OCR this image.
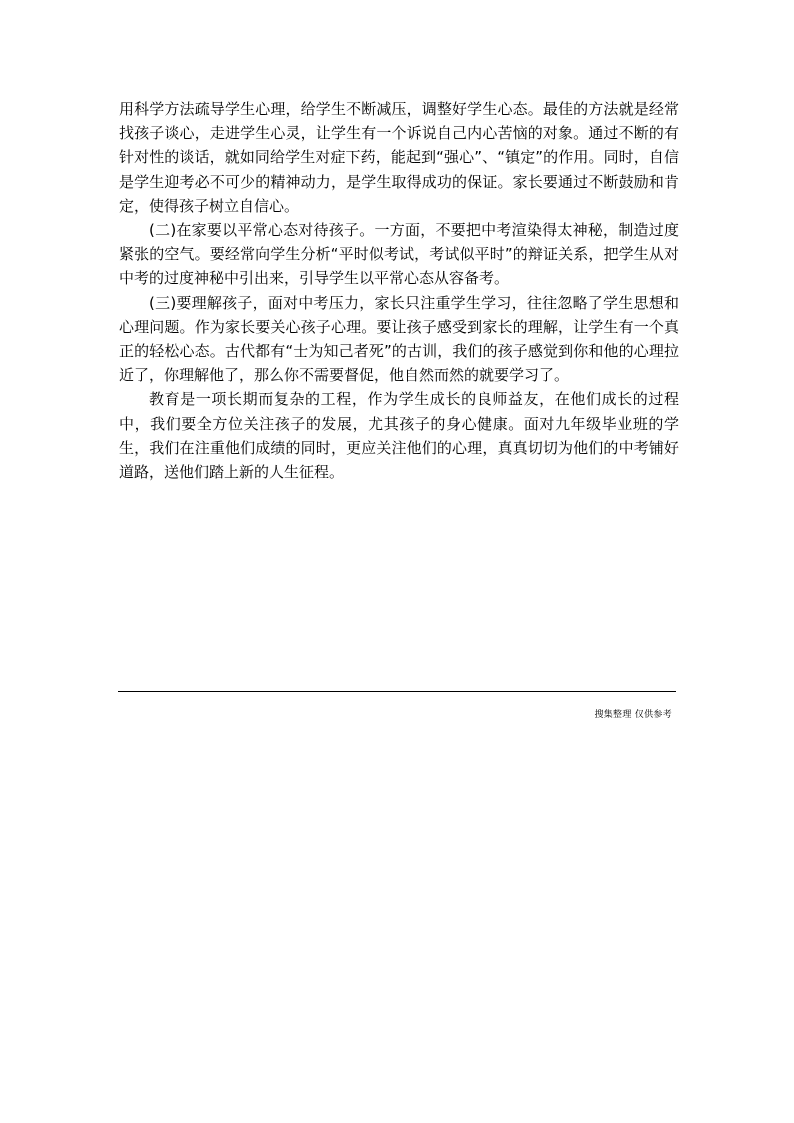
用科学方法疏导学生心理，给学生不断减压，调整好学生心态。最佳的方法就是经常找孩子谈心，走进学生心灵，让学生有一个诉说自己内心苦恼的对象。通过不断的有针对性的谈话，就如同给学生对症下药，能起到“强心”、“镇定”的作用。同时，自信是学生迎考必不可少的精神动力，是学生取得成功的保证。家长要通过不断鼓励和肯定，使得孩子树立自信心。

(二)在家要以平常心态对待孩子。一方面，不要把中考渲染得太神秘，制造过度紧张的空气。要经常向学生分析“平时似考试，考试似平时”的辩证关系，把学生从对中考的过度神秘中引出来，引导学生以平常心态从容备考。

(三)要理解孩子，面对中考压力，家长只注重学生学习，往往忽略了学生思想和心理问题。作为家长要关心孩子心理。要让孩子感受到家长的理解，让学生有一个真正的轻松心态。古代都有“士为知己者死”的古训，我们的孩子感觉到你和他的心理拉近了，你理解他了，那么你不需要督促，他自然而然的就要学习了。

教育是一项长期而复杂的工程，作为学生成长的良师益友，在他们成长的过程中，我们要全方位关注孩子的发展，尤其孩子的身心健康。面对九年级毕业班的学生，我们在注重他们成绩的同时，更应关注他们的心理，真真切切为他们的中考铺好道路，送他们踏上新的人生征程。

搜集整理 仅供参考
